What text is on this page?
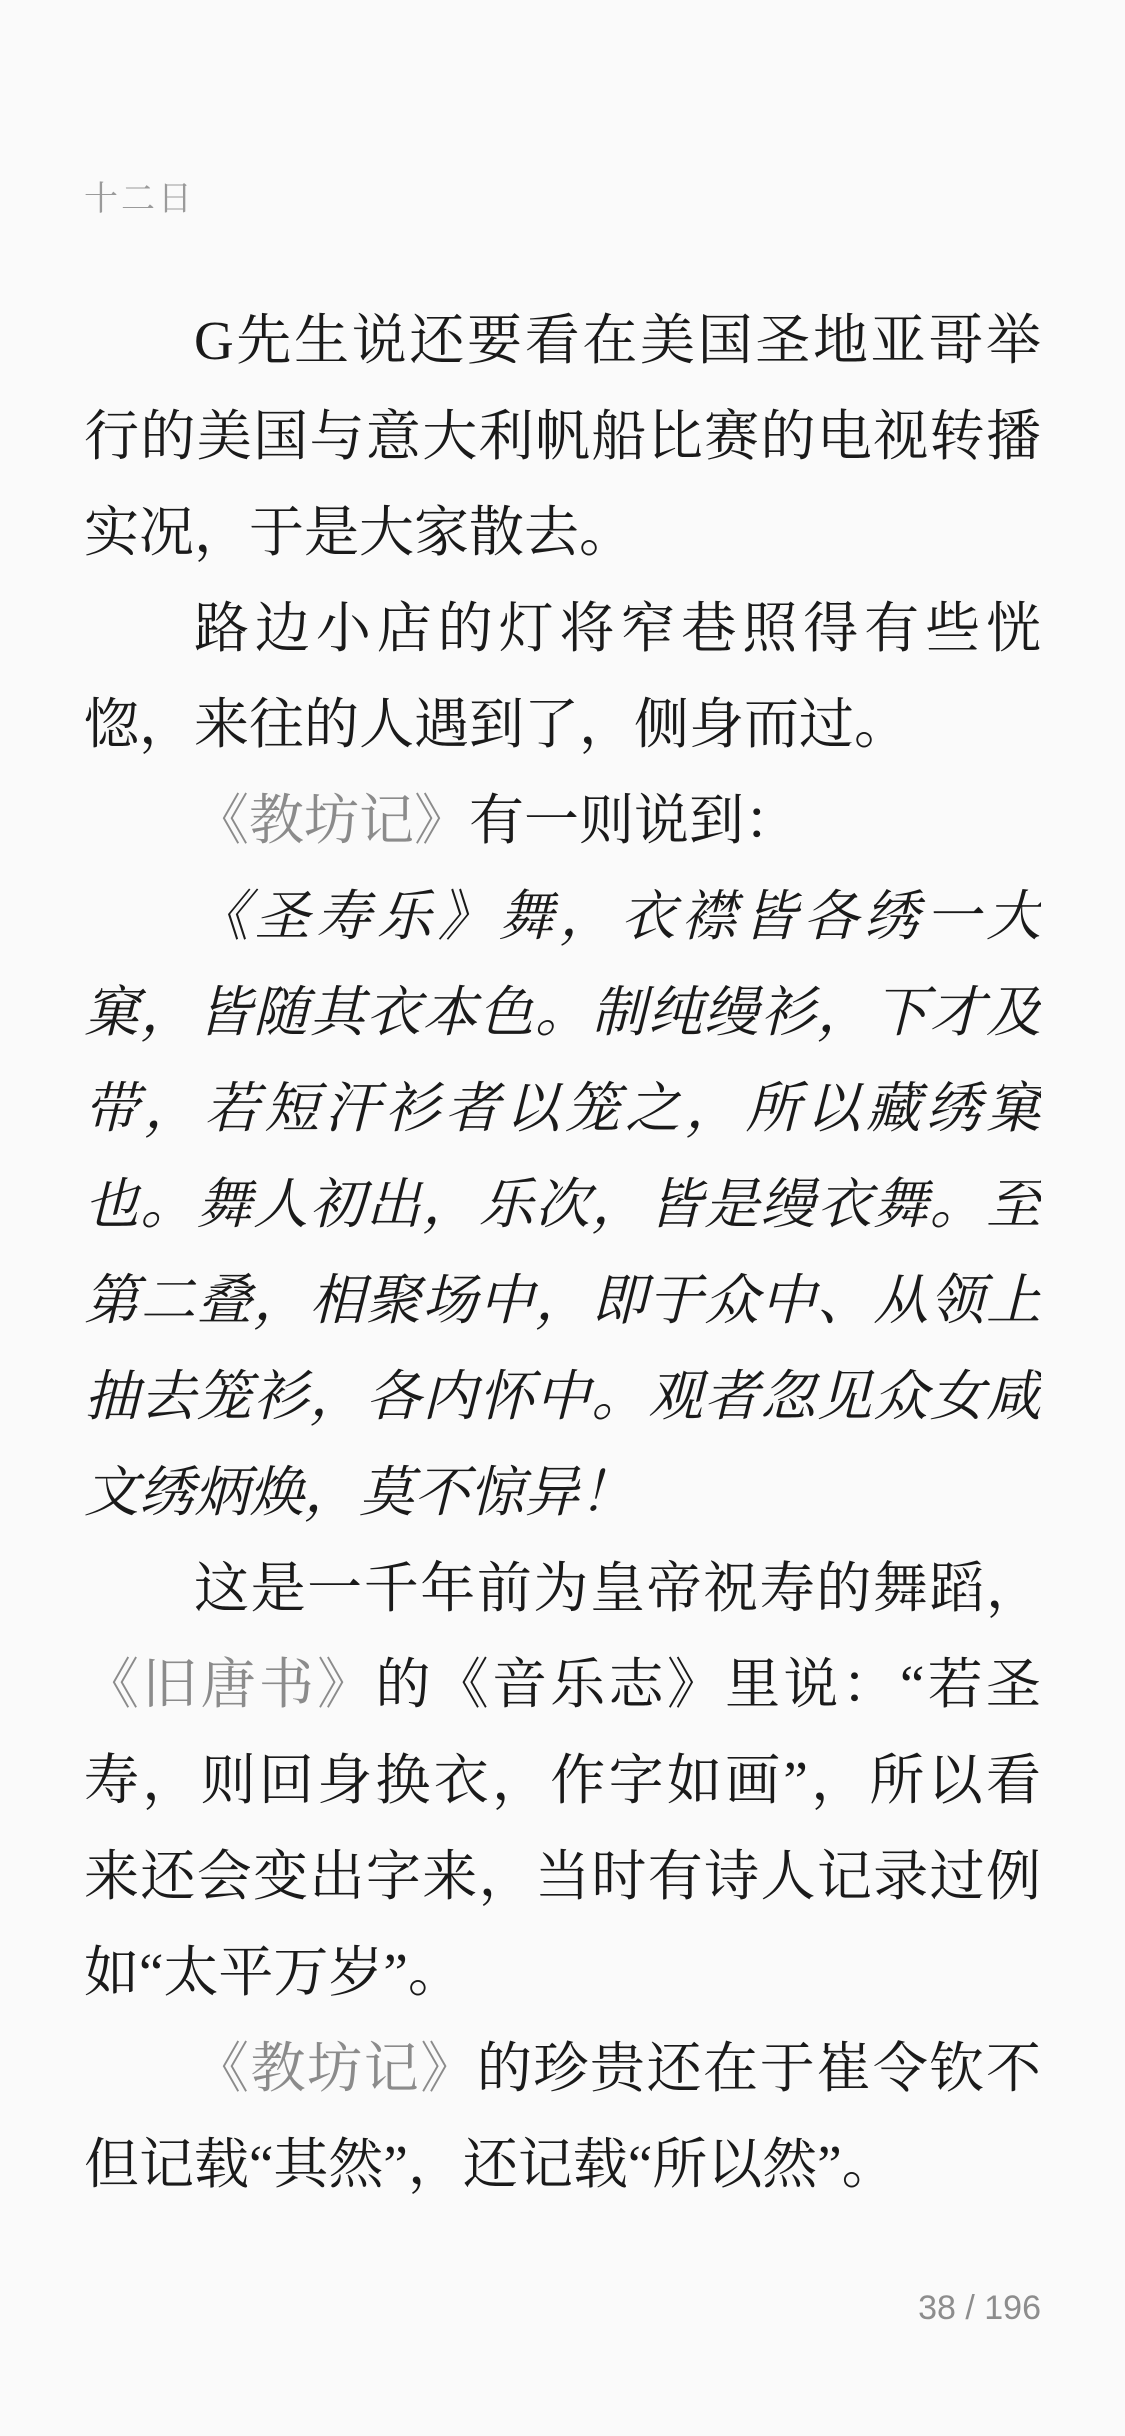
十二日
G先生说还要看在美国圣地亚哥举
行的美国与意大利帆船比赛的电视转播
实况，于是大家散去。
路边小店的灯将窄巷照得有些恍
惚，来往的人遇到了，侧身而过。
《教坊记》有一则说到：
《圣寿乐》舞，衣襟皆各绣一大
窠，皆随其衣本色。制纯缦衫，下才及
带，若短汗衫者以笼之，所以藏绣窠
也。舞人初出，乐次，皆是缦衣舞。至
第二叠，相聚场中，即于众中、从领上
抽去笼衫，各内怀中。观者忽见众女咸
文绣炳焕，莫不惊异！
这是一千年前为皇帝祝寿的舞蹈，
《旧唐书》的《音乐志》里说：“若圣
寿，则回身换衣，作字如画”，所以看
来还会变出字来，当时有诗人记录过例
如“太平万岁”。
《教坊记》的珍贵还在于崔令钦不
但记载“其然”，还记载“所以然”。
38 / 196
